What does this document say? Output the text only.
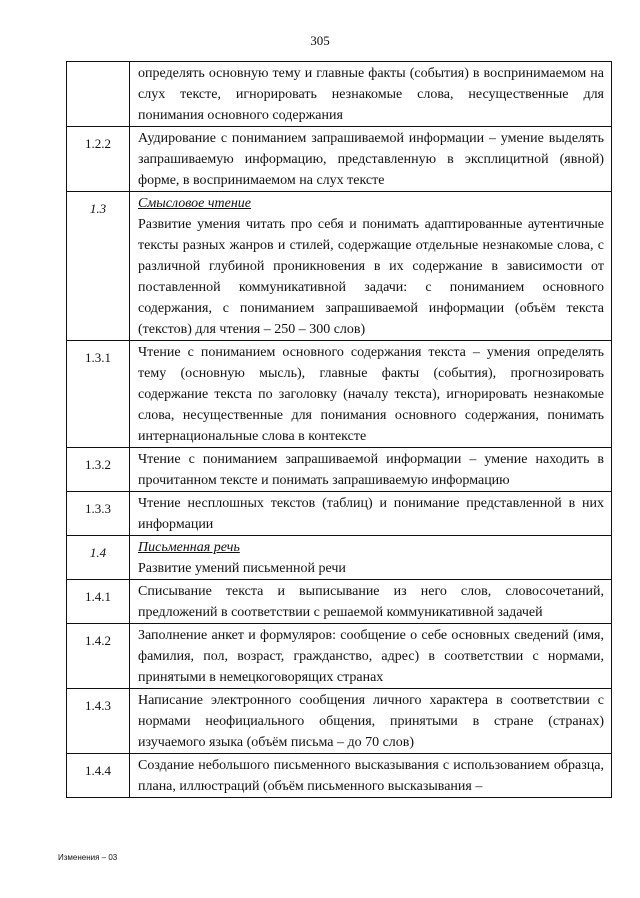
305
	определять основную тему и главные факты (события) в воспринимаемом на слух тексте, игнорировать незнакомые слова, несущественные для понимания основного содержания
1.2.2	Аудирование с пониманием запрашиваемой информации – умение выделять запрашиваемую информацию, представленную в эксплицитной (явной) форме, в воспринимаемом на слух тексте
1.3	Смысловое чтение
Развитие умения читать про себя и понимать адаптированные аутентичные тексты разных жанров и стилей, содержащие отдельные незнакомые слова, с различной глубиной проникновения в их содержание в зависимости от поставленной коммуникативной задачи: с пониманием основного содержания, с пониманием запрашиваемой информации (объём текста (текстов) для чтения – 250 – 300 слов)

1.3.1	Чтение с пониманием основного содержания текста – умения определять тему (основную мысль), главные факты (события), прогнозировать содержание текста по заголовку (началу текста), игнорировать незнакомые слова, несущественные для понимания основного содержания, понимать интернациональные слова в контексте
1.3.2	Чтение с пониманием запрашиваемой информации – умение находить в прочитанном тексте и понимать запрашиваемую информацию
1.3.3	Чтение несплошных текстов (таблиц) и понимание представленной в них информации
1.4	Письменная речь
Развитие умений письменной речи

1.4.1	Списывание текста и выписывание из него слов, словосочетаний, предложений в соответствии с решаемой коммуникативной задачей
1.4.2	Заполнение анкет и формуляров: сообщение о себе основных сведений (имя, фамилия, пол, возраст, гражданство, адрес) в соответствии с нормами, принятыми в немецкоговорящих странах
1.4.3	Написание электронного сообщения личного характера в соответствии с нормами неофициального общения, принятыми в стране (странах) изучаемого языка (объём письма – до 70 слов)
1.4.4	Создание небольшого письменного высказывания с использованием образца, плана, иллюстраций (объём письменного высказывания –
Изменения – 03
